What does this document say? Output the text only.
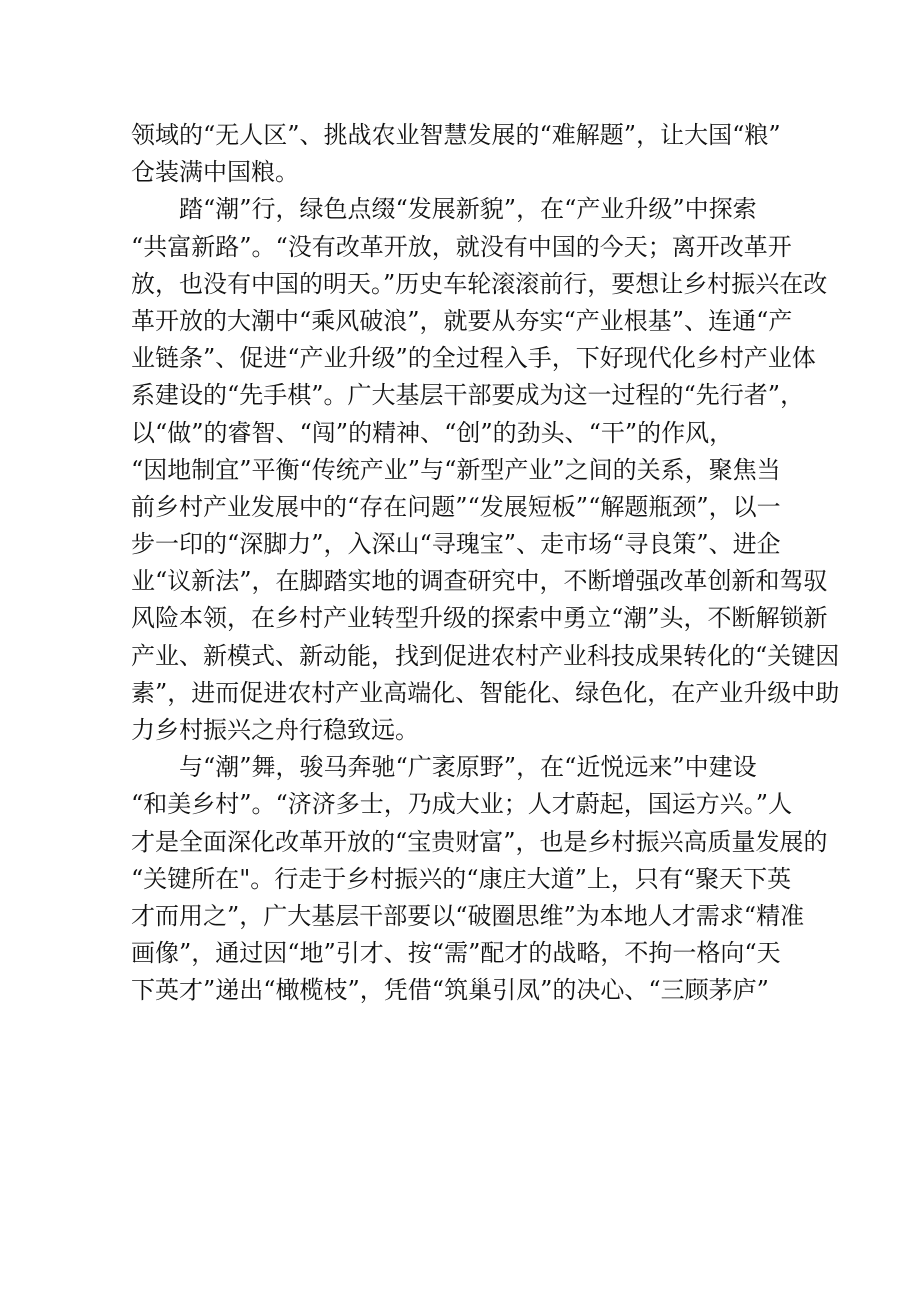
领域的“无人区”、挑战农业智慧发展的“难解题”，让大国“粮”
仓装满中国粮。
踏“潮”行，绿色点缀“发展新貌”，在“产业升级”中探索
“共富新路”。“没有改革开放，就没有中国的今天；离开改革开
放，也没有中国的明天。”历史车轮滚滚前行，要想让乡村振兴在改
革开放的大潮中“乘风破浪”，就要从夯实“产业根基”、连通“产
业链条”、促进“产业升级”的全过程入手，下好现代化乡村产业体
系建设的“先手棋”。广大基层干部要成为这一过程的“先行者”，
以“做”的睿智、“闯”的精神、“创”的劲头、“干”的作风，
“因地制宜”平衡“传统产业”与“新型产业”之间的关系，聚焦当
前乡村产业发展中的“存在问题”“发展短板”“解题瓶颈”，以一
步一印的“深脚力”，入深山“寻瑰宝”、走市场“寻良策”、进企
业“议新法”，在脚踏实地的调查研究中，不断增强改革创新和驾驭
风险本领，在乡村产业转型升级的探索中勇立“潮”头，不断解锁新
产业、新模式、新动能，找到促进农村产业科技成果转化的“关键因
素”，进而促进农村产业高端化、智能化、绿色化，在产业升级中助
力乡村振兴之舟行稳致远。
与“潮”舞，骏马奔驰“广袤原野”，在“近悦远来”中建设
“和美乡村”。“济济多士，乃成大业；人才蔚起，国运方兴。”人
才是全面深化改革开放的“宝贵财富”，也是乡村振兴高质量发展的
“关键所在"。行走于乡村振兴的“康庄大道”上，只有“聚天下英
才而用之”，广大基层干部要以“破圈思维”为本地人才需求“精准
画像”，通过因“地”引才、按“需”配才的战略，不拘一格向“天
下英才”递出“橄榄枝”，凭借“筑巢引凤”的决心、“三顾茅庐”
